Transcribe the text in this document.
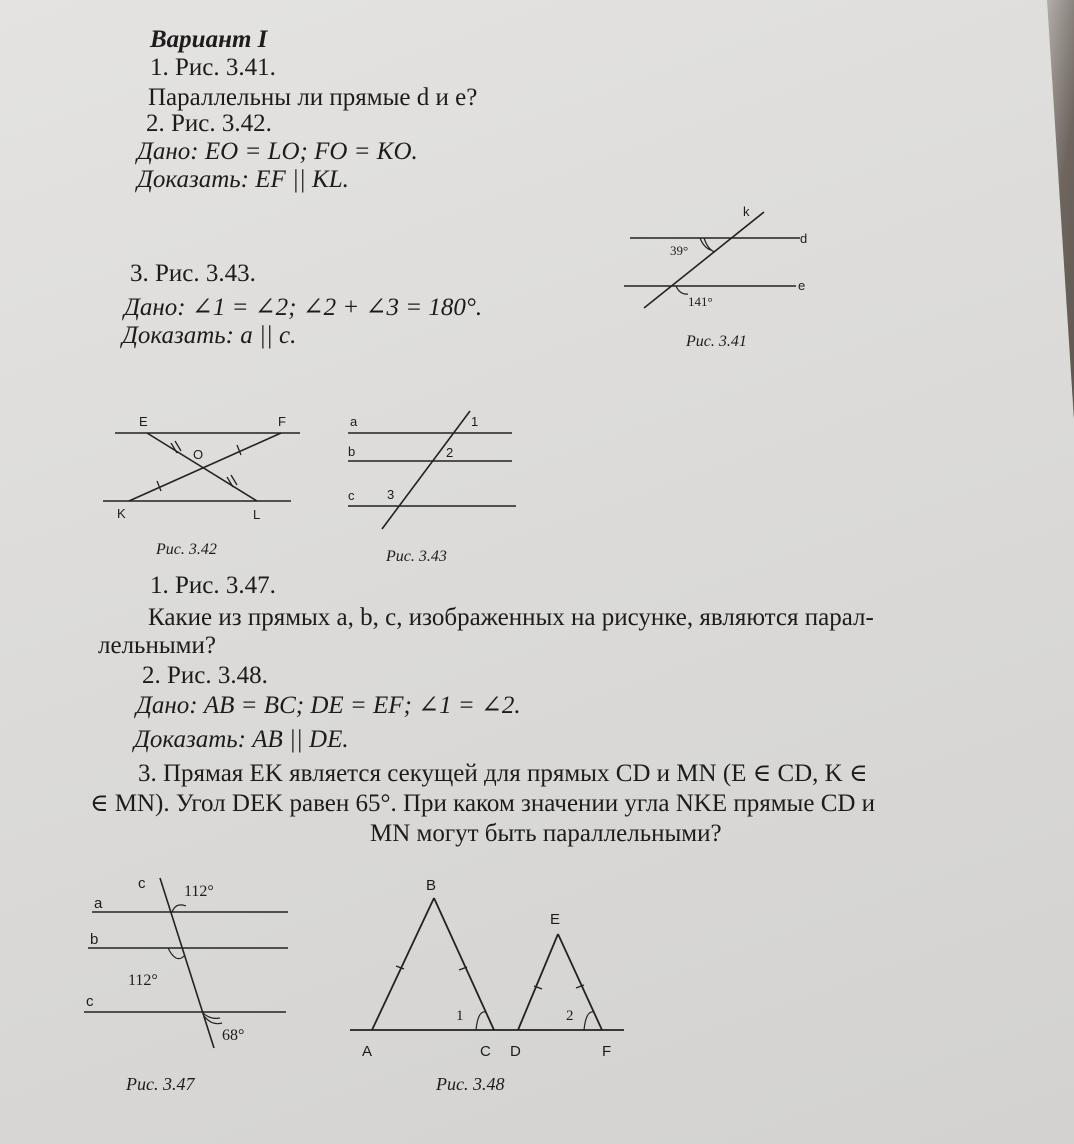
Вариант I
1. Рис. 3.41.
Параллельны ли прямые d и e?
2. Рис. 3.42.
Дано: EO = LO; FO = KO.
Доказать: EF || KL.
3. Рис. 3.43.
Дано: ∠1 = ∠2; ∠2 + ∠3 = 180°.
Доказать: a || c.
k
d
e
39°
141°
Рис. 3.41
E	F
O
K	L
Рис. 3.42
a
b
c
1
2
3
Рис. 3.43
1. Рис. 3.47.
Какие из прямых a, b, c, изображенных на рисунке, являются парал-
лельными?
2. Рис. 3.48.
Дано: AB = BC; DE = EF; ∠1 = ∠2.
Доказать: AB || DE.
3. Прямая EK является секущей для прямых CD и MN (E ∈ CD, K ∈
∈ MN). Угол DEK равен 65°. При каком значении угла NKE прямые CD и
MN могут быть параллельными?
c
a
b
c
112°
112°
68°
Рис. 3.47
B
E
A	C D	F
1	2
Рис. 3.48
